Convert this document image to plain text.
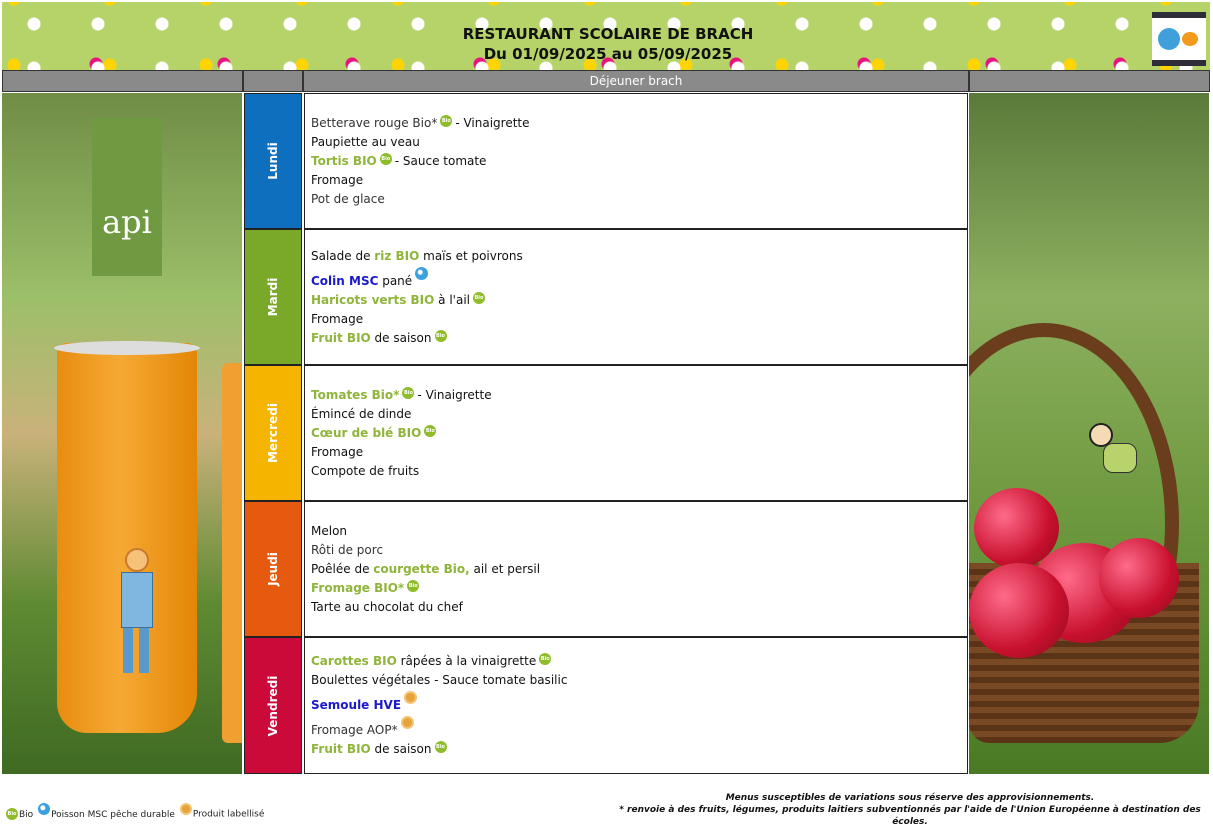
RESTAURANT SCOLAIRE DE BRACH
Du 01/09/2025 au 05/09/2025
Déjeuner brach
api
Lundi
Mardi
Mercredi
Jeudi
Vendredi
Betterave rouge Bio* Bio - Vinaigrette
Paupiette au veau
Tortis BIO Bio - Sauce tomate
Fromage
Pot de glace
Salade de riz BIO maïs et poivrons
Colin MSC pané
Haricots verts BIO à l'ail Bio
Fromage
Fruit BIO de saison Bio
Tomates Bio* Bio - Vinaigrette
Émincé de dinde
Cœur de blé BIO Bio
Fromage
Compote de fruits
Melon
Rôti de porc
Poêlée de courgette Bio, ail et persil
Fromage BIO* Bio
Tarte au chocolat du chef
Carottes BIO râpées à la vinaigrette Bio
Boulettes végétales - Sauce tomate basilic
Semoule HVE
Fromage AOP*
Fruit BIO de saison Bio
Bio Bio Poisson MSC pêche durable Produit labellisé
Menus susceptibles de variations sous réserve des approvisionnements.
* renvoie à des fruits, légumes, produits laitiers subventionnés par l'aide de l'Union Européenne à destination des écoles.
